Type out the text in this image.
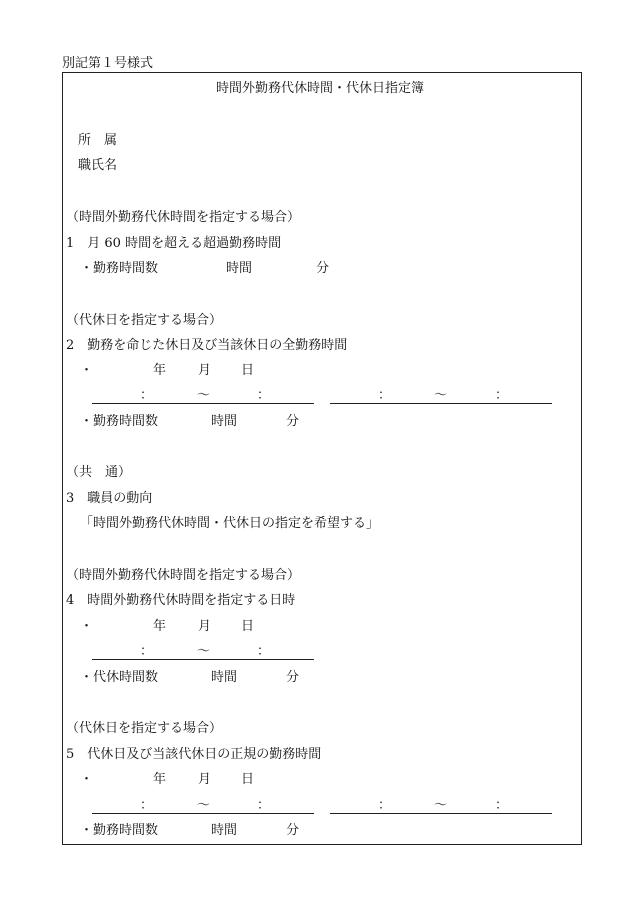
別記第１号様式
時間外勤務代休時間・代休日指定簿
所　属
職氏名
（時間外勤務代休時間を指定する場合）
1　月 60 時間を超える超過勤務時間
・勤務時間数	時間	分
（代休日を指定する場合）
2　勤務を命じた休日及び当該休日の全勤務時間
・	年 月 日
：	～	：	：	～	：
・勤務時間数	時間	分
（共　通）
3　職員の動向
「時間外勤務代休時間・代休日の指定を希望する」
（時間外勤務代休時間を指定する場合）
4　時間外勤務代休時間を指定する日時
・	年 月 日
：	～	：
・代休時間数	時間	分
（代休日を指定する場合）
5　代休日及び当該代休日の正規の勤務時間
・	年 月 日
：	～	：	：	～	：
・勤務時間数	時間	分
